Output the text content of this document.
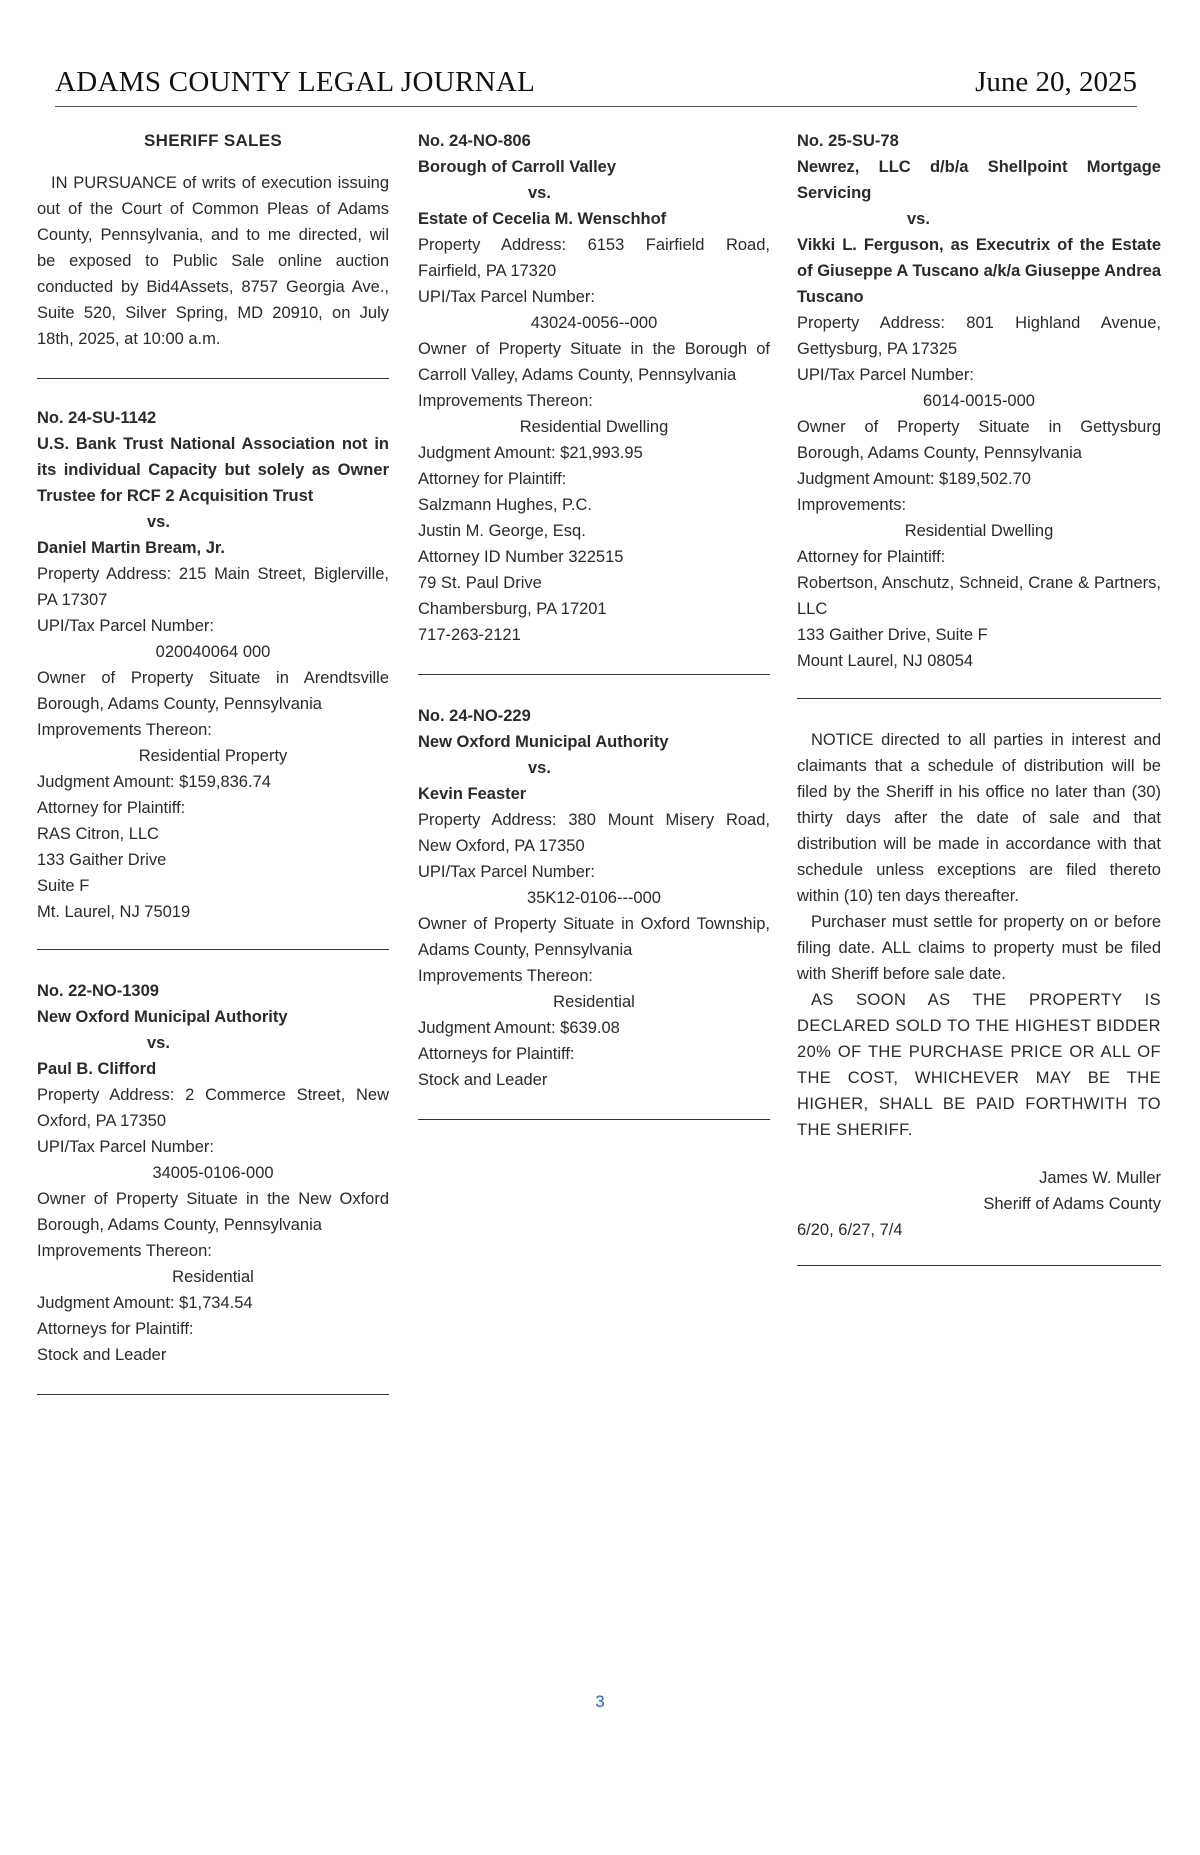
ADAMS COUNTY LEGAL JOURNAL	June 20, 2025
SHERIFF SALES

IN PURSUANCE of writs of execution issuing out of the Court of Common Pleas of Adams County, Pennsylvania, and to me directed, wil be exposed to Public Sale online auction conducted by Bid4Assets, 8757 Georgia Ave., Suite 520, Silver Spring, MD 20910, on July 18th, 2025, at 10:00 a.m.

No. 24-SU-1142
U.S. Bank Trust National Association not in its individual Capacity but solely as Owner Trustee for RCF 2 Acquisition Trust
vs.
Daniel Martin Bream, Jr.
Property Address: 215 Main Street, Biglerville, PA 17307
UPI/Tax Parcel Number:
020040064 000
Owner of Property Situate in Arendtsville Borough, Adams County, Pennsylvania
Improvements Thereon:
Residential Property
Judgment Amount: $159,836.74
Attorney for Plaintiff:
RAS Citron, LLC
133 Gaither Drive
Suite F
Mt. Laurel, NJ 75019
No. 22-NO-1309
New Oxford Municipal Authority
vs.
Paul B. Clifford
Property Address: 2 Commerce Street, New Oxford, PA 17350
UPI/Tax Parcel Number:
34005-0106-000
Owner of Property Situate in the New Oxford Borough, Adams County, Pennsylvania
Improvements Thereon:
Residential
Judgment Amount: $1,734.54
Attorneys for Plaintiff:
Stock and Leader
No. 24-NO-806
Borough of Carroll Valley
vs.
Estate of Cecelia M. Wenschhof
Property Address: 6153 Fairfield Road, Fairfield, PA 17320
UPI/Tax Parcel Number:
43024-0056--000
Owner of Property Situate in the Borough of Carroll Valley, Adams County, Pennsylvania
Improvements Thereon:
Residential Dwelling
Judgment Amount: $21,993.95
Attorney for Plaintiff:
Salzmann Hughes, P.C.
Justin M. George, Esq.
Attorney ID Number 322515
79 St. Paul Drive
Chambersburg, PA 17201
717-263-2121
No. 24-NO-229
New Oxford Municipal Authority
vs.
Kevin Feaster
Property Address: 380 Mount Misery Road, New Oxford, PA 17350
UPI/Tax Parcel Number:
35K12-0106---000
Owner of Property Situate in Oxford Township, Adams County, Pennsylvania
Improvements Thereon:
Residential
Judgment Amount: $639.08
Attorneys for Plaintiff:
Stock and Leader
No. 25-SU-78
Newrez, LLC d/b/a Shellpoint Mortgage Servicing
vs.
Vikki L. Ferguson, as Executrix of the Estate of Giuseppe A Tuscano a/k/a Giuseppe Andrea Tuscano
Property Address: 801 Highland Avenue, Gettysburg, PA 17325
UPI/Tax Parcel Number:
6014-0015-000
Owner of Property Situate in Gettysburg Borough, Adams County, Pennsylvania
Judgment Amount: $189,502.70
Improvements:
Residential Dwelling
Attorney for Plaintiff:
Robertson, Anschutz, Schneid, Crane & Partners, LLC
133 Gaither Drive, Suite F
Mount Laurel, NJ 08054

NOTICE directed to all parties in interest and claimants that a schedule of distribution will be filed by the Sheriff in his office no later than (30) thirty days after the date of sale and that distribution will be made in accordance with that schedule unless exceptions are filed thereto within (10) ten days thereafter.

Purchaser must settle for property on or before filing date. ALL claims to property must be filed with Sheriff before sale date.

AS SOON AS THE PROPERTY IS DECLARED SOLD TO THE HIGHEST BIDDER 20% OF THE PURCHASE PRICE OR ALL OF THE COST, WHICHEVER MAY BE THE HIGHER, SHALL BE PAID FORTHWITH TO THE SHERIFF.

James W. Muller
Sheriff of Adams County
6/20, 6/27, 7/4
3
